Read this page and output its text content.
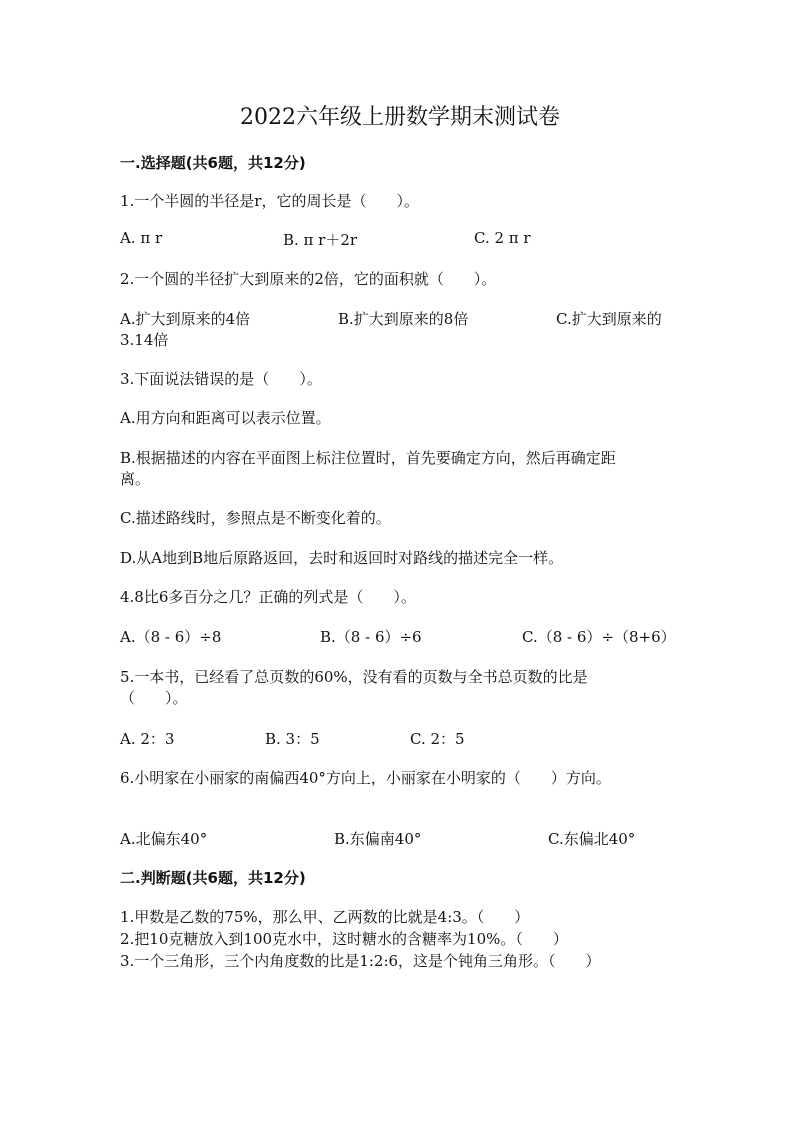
2022六年级上册数学期末测试卷
一.选择题(共6题，共12分)
1.一个半圆的半径是r，它的周长是（　　）。
A. π r	B. π r＋2r	C. 2 π r
2.一个圆的半径扩大到原来的2倍，它的面积就（　　）。
A.扩大到原来的4倍	B.扩大到原来的8倍	C.扩大到原来的
3.14倍
3.下面说法错误的是（　　）。
A.用方向和距离可以表示位置。
B.根据描述的内容在平面图上标注位置时，首先要确定方向，然后再确定距
离。
C.描述路线时，参照点是不断变化着的。
D.从A地到B地后原路返回，去时和返回时对路线的描述完全一样。
4.8比6多百分之几？正确的列式是（　　）。
A.（8 - 6）÷8	B.（8 - 6）÷6	C.（8 - 6）÷（8+6）
5.一本书，已经看了总页数的60%，没有看的页数与全书总页数的比是
（　　）。
A. 2：3	B. 3：5	C. 2：5
6.小明家在小丽家的南偏西40°方向上，小丽家在小明家的（　　）方向。
A.北偏东40°	B.东偏南40°	C.东偏北40°
二.判断题(共6题，共12分)
1.甲数是乙数的75%，那么甲、乙两数的比就是4:3。（　　）
2.把10克糖放入到100克水中，这时糖水的含糖率为10%。（　　）
3.一个三角形，三个内角度数的比是1:2:6，这是个钝角三角形。（　　）
